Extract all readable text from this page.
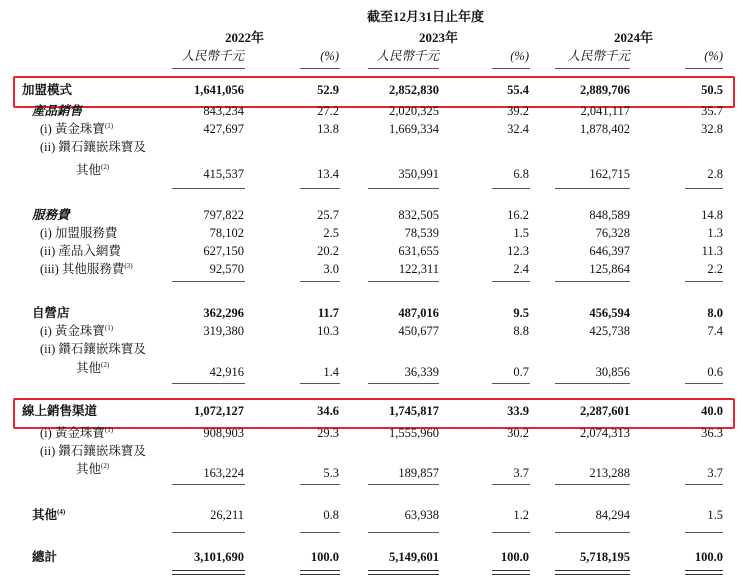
截至12月31日止年度
2022年	2023年	2024年
人民幣千元	(%)	人民幣千元	(%)	人民幣千元	(%)
加盟模式	1,641,056	52.9	2,852,830	55.4	2,889,706	50.5
產品銷售	843,234	27.2	2,020,325	39.2	2,041,117	35.7
(i) 黃金珠寶$^{(1)}$	427,697	13.8	1,669,334	32.4	1,878,402	32.8
(ii) 鑽石鑲嵌珠寶及
其他$^{(2)}$	415,537	13.4	350,991	6.8	162,715	2.8
服務費	797,822	25.7	832,505	16.2	848,589	14.8
(i) 加盟服務費	78,102	2.5	78,539	1.5	76,328	1.3
(ii) 產品入網費	627,150	20.2	631,655	12.3	646,397	11.3
(iii) 其他服務費$^{(3)}$	92,570	3.0	122,311	2.4	125,864	2.2
自營店	362,296	11.7	487,016	9.5	456,594	8.0
(i) 黃金珠寶$^{(1)}$	319,380	10.3	450,677	8.8	425,738	7.4
(ii) 鑽石鑲嵌珠寶及
其他$^{(2)}$	42,916	1.4	36,339	0.7	30,856	0.6
線上銷售渠道	1,072,127	34.6	1,745,817	33.9	2,287,601	40.0
(i) 黃金珠寶$^{(1)}$	908,903	29.3	1,555,960	30.2	2,074,313	36.3
(ii) 鑽石鑲嵌珠寶及
其他$^{(2)}$	163,224	5.3	189,857	3.7	213,288	3.7
其他$^{(4)}$	26,211	0.8	63,938	1.2	84,294	1.5
總計	3,101,690	100.0	5,149,601	100.0	5,718,195	100.0
